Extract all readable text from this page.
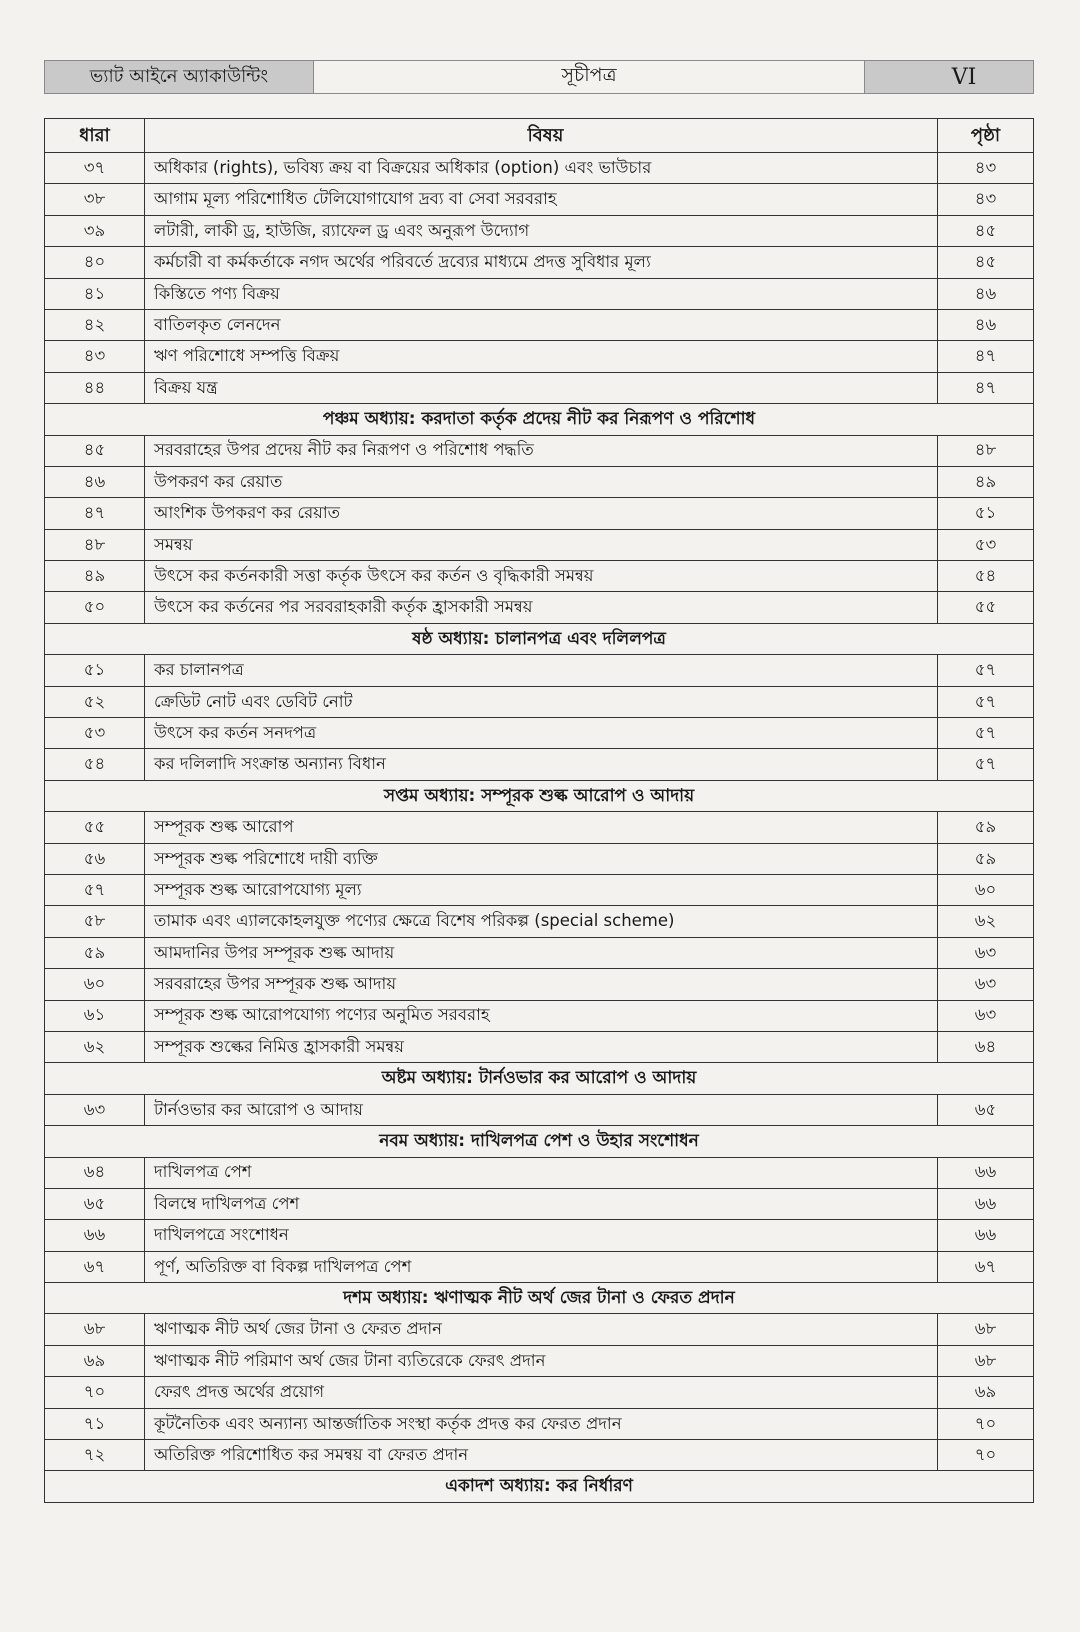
ভ্যাট আইনে অ্যাকাউন্টিং	সূচীপত্র	VI
ধারা	বিষয়	পৃষ্ঠা
৩৭	অধিকার (rights), ভবিষ্য ক্রয় বা বিক্রয়ের অধিকার (option) এবং ভাউচার	৪৩
৩৮	আগাম মূল্য পরিশোধিত টেলিযোগাযোগ দ্রব্য বা সেবা সরবরাহ	৪৩
৩৯	লটারী, লাকী ড্র, হাউজি, র‍্যাফেল ড্র এবং অনুরূপ উদ্যোগ	৪৫
৪০	কর্মচারী বা কর্মকর্তাকে নগদ অর্থের পরিবর্তে দ্রব্যের মাধ্যমে প্রদত্ত সুবিধার মূল্য	৪৫
৪১	কিস্তিতে পণ্য বিক্রয়	৪৬
৪২	বাতিলকৃত লেনদেন	৪৬
৪৩	ঋণ পরিশোধে সম্পত্তি বিক্রয়	৪৭
৪৪	বিক্রয় যন্ত্র	৪৭
পঞ্চম অধ্যায়: করদাতা কর্তৃক প্রদেয় নীট কর নিরূপণ ও পরিশোধ		
৪৫	সরবরাহের উপর প্রদেয় নীট কর নিরূপণ ও পরিশোধ পদ্ধতি	৪৮
৪৬	উপকরণ কর রেয়াত	৪৯
৪৭	আংশিক উপকরণ কর রেয়াত	৫১
৪৮	সমন্বয়	৫৩
৪৯	উৎসে কর কর্তনকারী সত্তা কর্তৃক উৎসে কর কর্তন ও বৃদ্ধিকারী সমন্বয়	৫৪
৫০	উৎসে কর কর্তনের পর সরবরাহকারী কর্তৃক হ্রাসকারী সমন্বয়	৫৫
ষষ্ঠ অধ্যায়: চালানপত্র এবং দলিলপত্র		
৫১	কর চালানপত্র	৫৭
৫২	ক্রেডিট নোট এবং ডেবিট নোট	৫৭
৫৩	উৎসে কর কর্তন সনদপত্র	৫৭
৫৪	কর দলিলাদি সংক্রান্ত অন্যান্য বিধান	৫৭
সপ্তম অধ্যায়: সম্পূরক শুল্ক আরোপ ও আদায়		
৫৫	সম্পূরক শুল্ক আরোপ	৫৯
৫৬	সম্পূরক শুল্ক পরিশোধে দায়ী ব্যক্তি	৫৯
৫৭	সম্পূরক শুল্ক আরোপযোগ্য মূল্য	৬০
৫৮	তামাক এবং এ্যালকোহলযুক্ত পণ্যের ক্ষেত্রে বিশেষ পরিকল্প (special scheme)	৬২
৫৯	আমদানির উপর সম্পূরক শুল্ক আদায়	৬৩
৬০	সরবরাহের উপর সম্পূরক শুল্ক আদায়	৬৩
৬১	সম্পূরক শুল্ক আরোপযোগ্য পণ্যের অনুমিত সরবরাহ	৬৩
৬২	সম্পূরক শুল্কের নিমিত্ত হ্রাসকারী সমন্বয়	৬৪
অষ্টম অধ্যায়: টার্নওভার কর আরোপ ও আদায়		
৬৩	টার্নওভার কর আরোপ ও আদায়	৬৫
নবম অধ্যায়: দাখিলপত্র পেশ ও উহার সংশোধন		
৬৪	দাখিলপত্র পেশ	৬৬
৬৫	বিলম্বে দাখিলপত্র পেশ	৬৬
৬৬	দাখিলপত্রে সংশোধন	৬৬
৬৭	পূর্ণ, অতিরিক্ত বা বিকল্প দাখিলপত্র পেশ	৬৭
দশম অধ্যায়: ঋণাত্মক নীট অর্থ জের টানা ও ফেরত প্রদান		
৬৮	ঋণাত্মক নীট অর্থ জের টানা ও ফেরত প্রদান	৬৮
৬৯	ঋণাত্মক নীট পরিমাণ অর্থ জের টানা ব্যতিরেকে ফেরৎ প্রদান	৬৮
৭০	ফেরৎ প্রদত্ত অর্থের প্রয়োগ	৬৯
৭১	কূটনৈতিক এবং অন্যান্য আন্তর্জাতিক সংস্থা কর্তৃক প্রদত্ত কর ফেরত প্রদান	৭০
৭২	অতিরিক্ত পরিশোধিত কর সমন্বয় বা ফেরত প্রদান	৭০
একাদশ অধ্যায়: কর নির্ধারণ		
